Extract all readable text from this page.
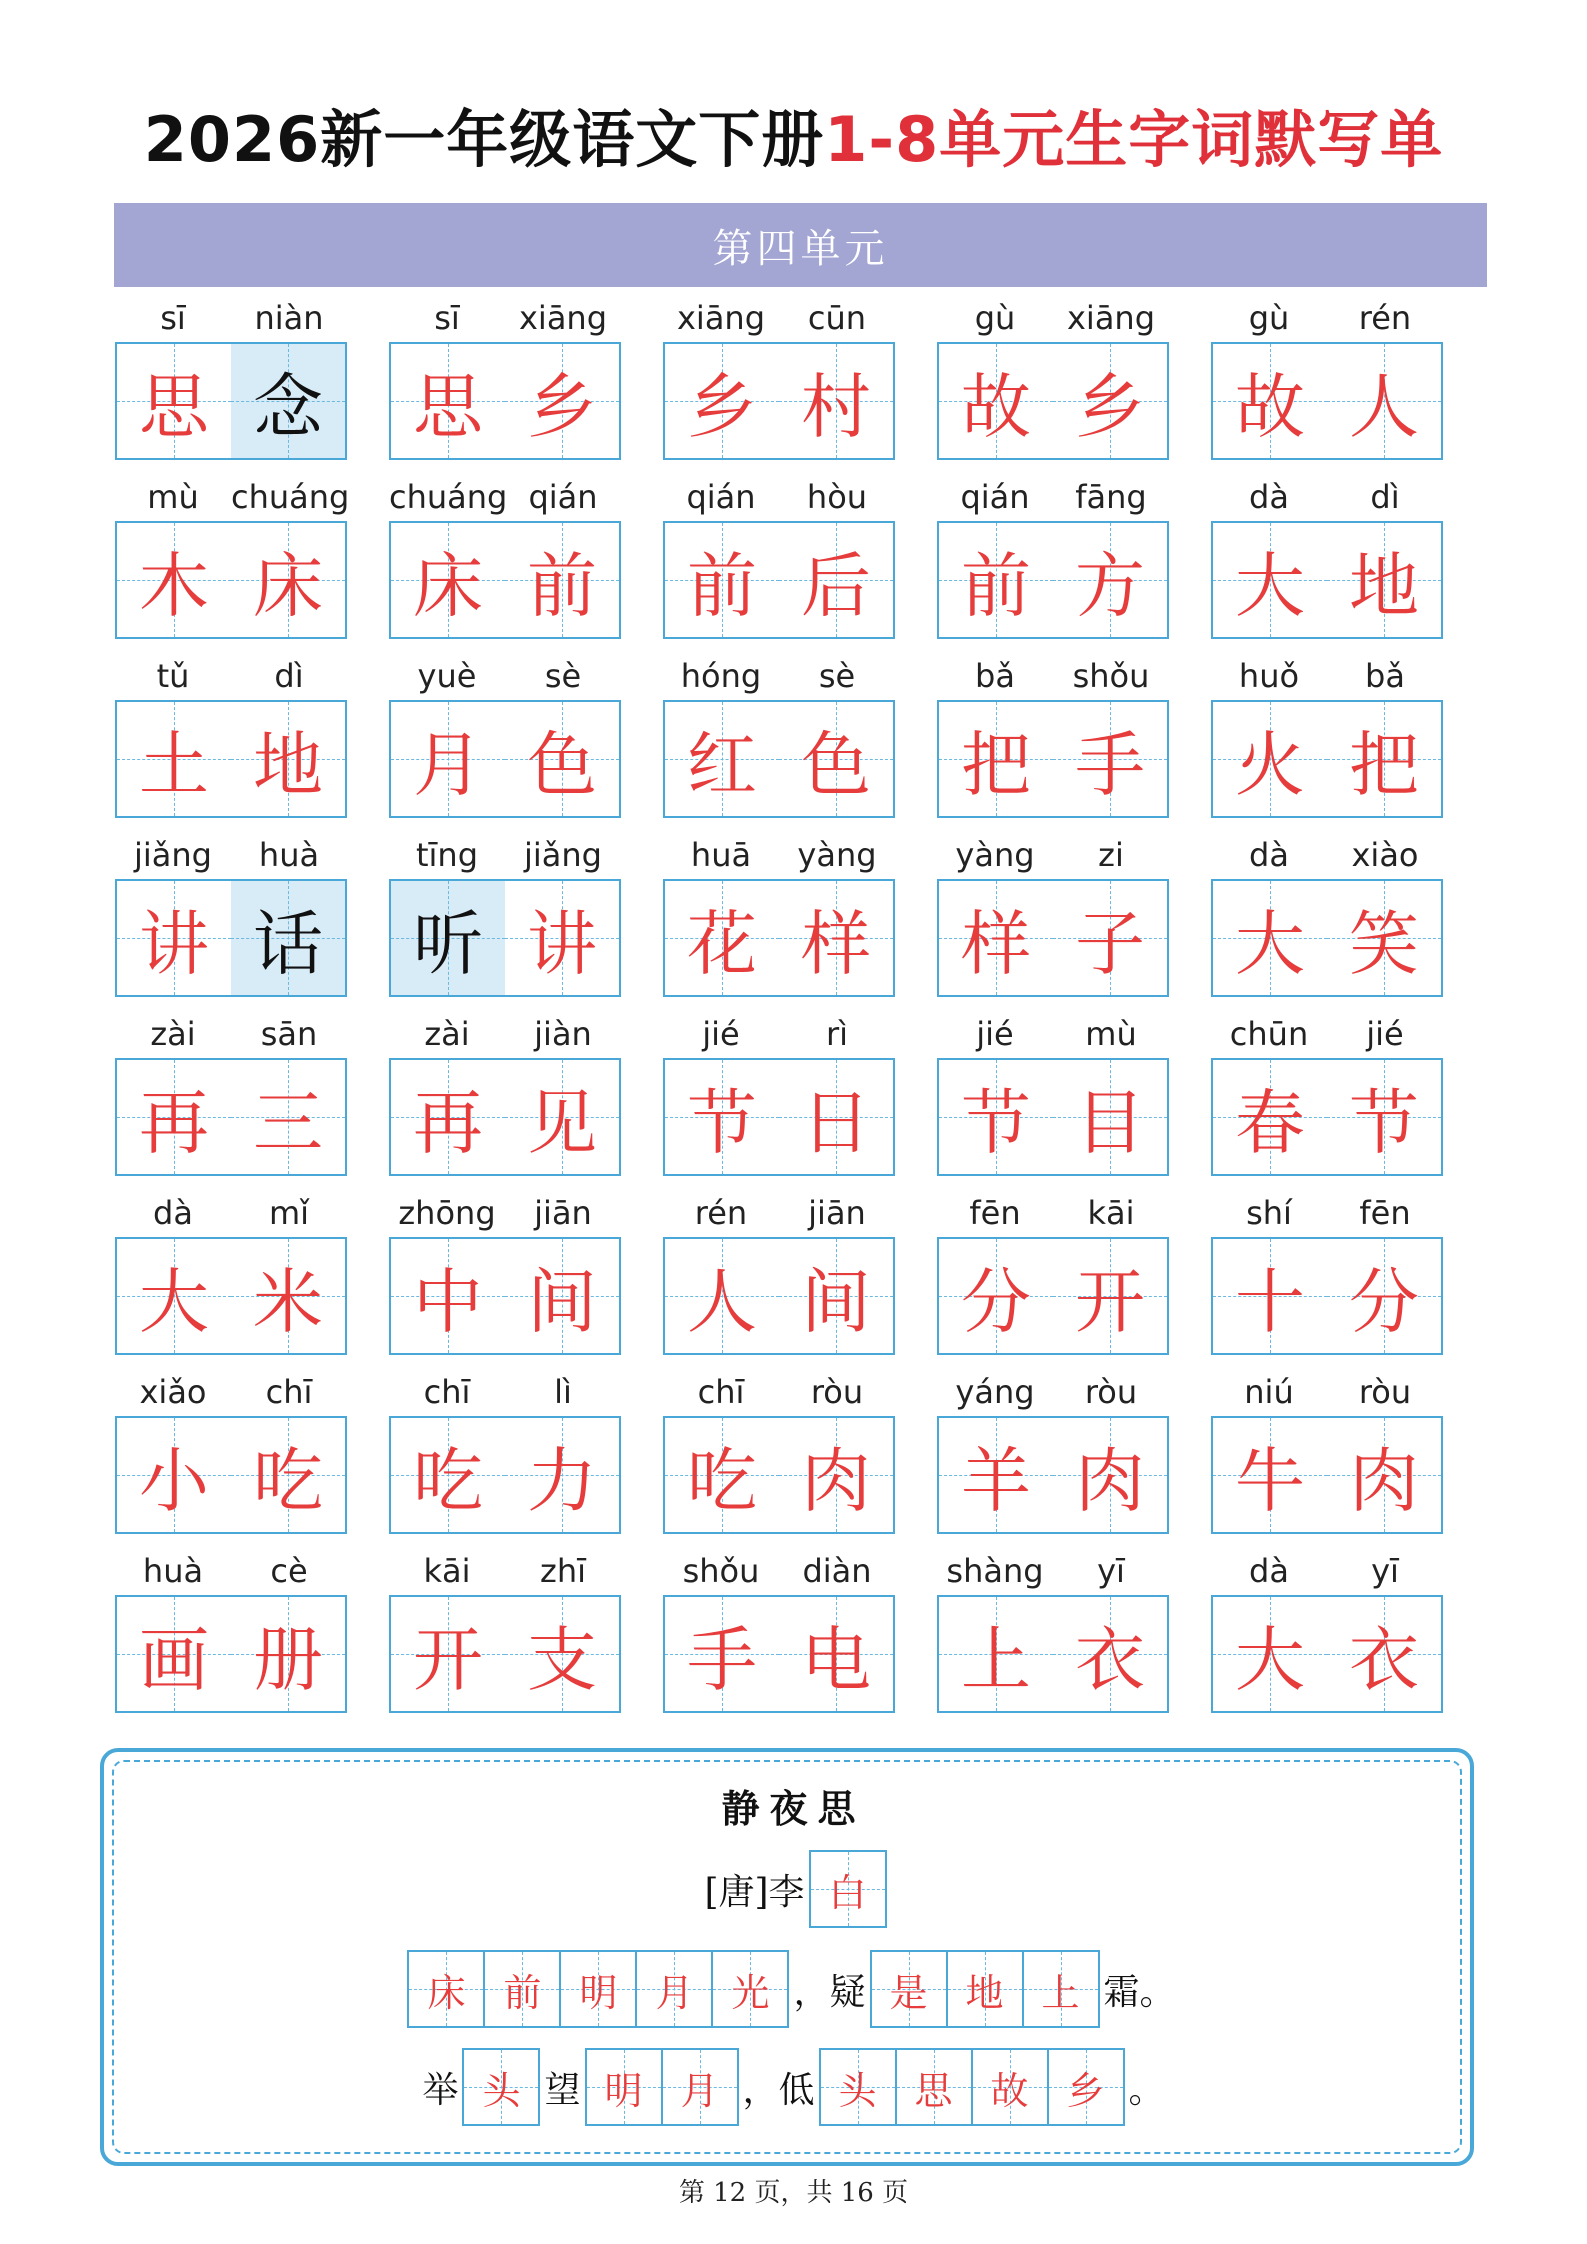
2026新一年级语文下册1-8单元生字词默写单
第四单元
sī
思
niàn
念
sī
思
xiāng
乡
xiāng
乡
cūn
村
gù
故
xiāng
乡
gù
故
rén
人
mù
木
chuáng
床
chuáng
床
qián
前
qián
前
hòu
后
qián
前
fāng
方
dà
大
dì
地
tǔ
土
dì
地
yuè
月
sè
色
hóng
红
sè
色
bǎ
把
shǒu
手
huǒ
火
bǎ
把
jiǎng
讲
huà
话
tīng
听
jiǎng
讲
huā
花
yàng
样
yàng
样
zi
子
dà
大
xiào
笑
zài
再
sān
三
zài
再
jiàn
见
jié
节
rì
日
jié
节
mù
目
chūn
春
jié
节
dà
大
mǐ
米
zhōng
中
jiān
间
rén
人
jiān
间
fēn
分
kāi
开
shí
十
fēn
分
xiǎo
小
chī
吃
chī
吃
lì
力
chī
吃
ròu
肉
yáng
羊
ròu
肉
niú
牛
ròu
肉
huà
画
cè
册
kāi
开
zhī
支
shǒu
手
diàn
电
shàng
上
yī
衣
dà
大
yī
衣
静夜思
[唐]李 白
床 前 明 月 光 ，疑 是 地 上 霜。
举 头 望 明 月 ，低 头 思 故 乡 。
第 12 页，共 16 页
